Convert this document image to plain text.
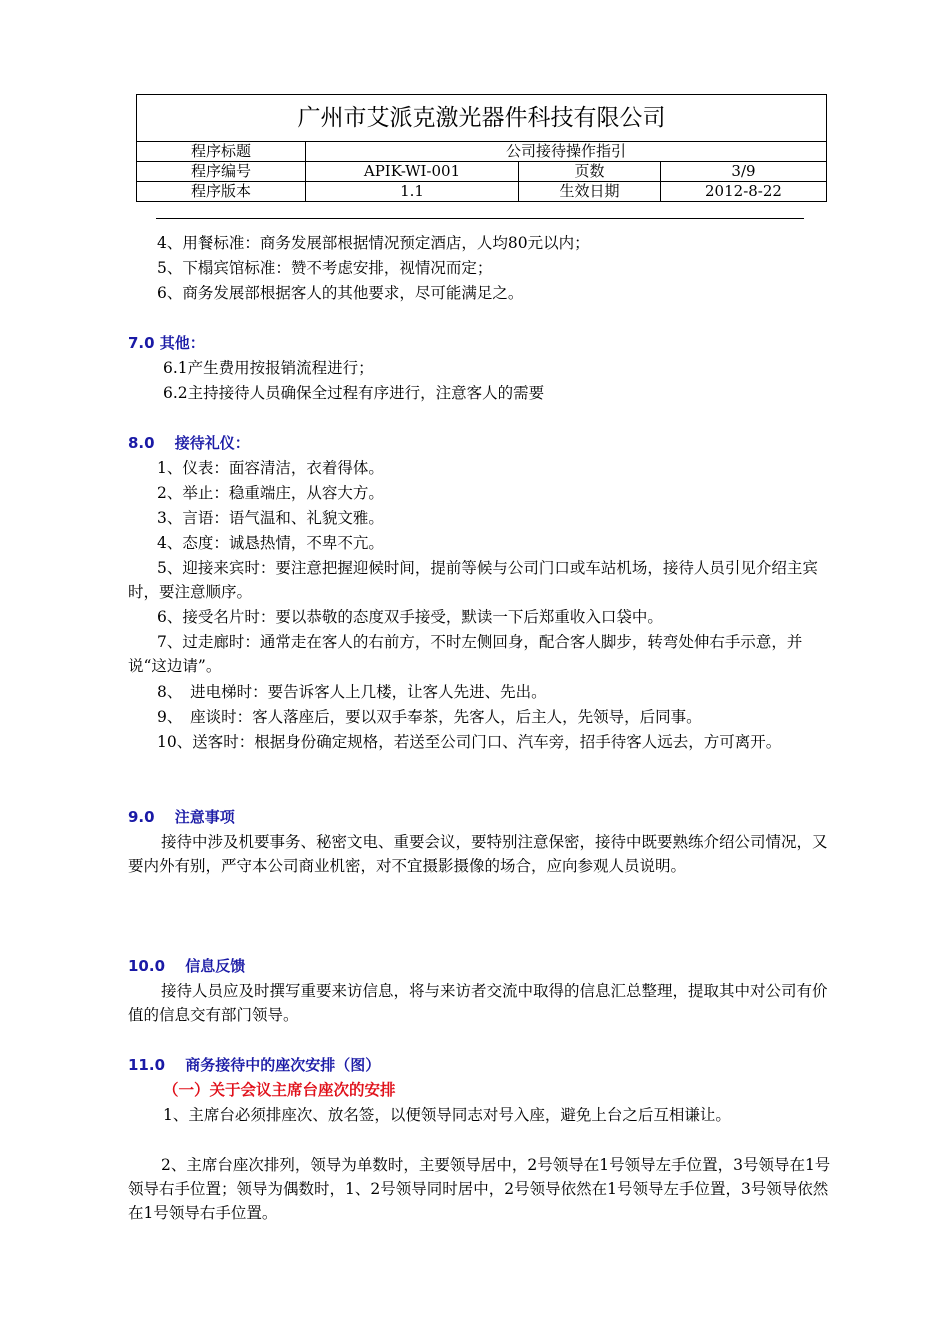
广州市艾派克激光器件科技有限公司			
程序标题	公司接待操作指引		
程序编号	APIK-WI-001	页数	3/9
程序版本	1.1	生效日期	2012-8-22

4、用餐标准：商务发展部根据情况预定酒店，人均80元以内；

5、下榻宾馆标准：赞不考虑安排，视情况而定；

6、商务发展部根据客人的其他要求，尽可能满足之。

7.0 其他：

6.1产生费用按报销流程进行；

6.2主持接待人员确保全过程有序进行，注意客人的需要

8.0　 接待礼仪：

1、仪表：面容清洁，衣着得体。

2、举止：稳重端庄，从容大方。

3、言语：语气温和、礼貌文雅。

4、态度：诚恳热情，不卑不亢。

5、迎接来宾时：要注意把握迎候时间，提前等候与公司门口或车站机场，接待人员引见介绍主宾时，要注意顺序。

6、接受名片时：要以恭敬的态度双手接受，默读一下后郑重收入口袋中。

7、过走廊时：通常走在客人的右前方，不时左侧回身，配合客人脚步，转弯处伸右手示意，并说“这边请”。

8、　进电梯时：要告诉客人上几楼，让客人先进、先出。

9、　座谈时：客人落座后，要以双手奉茶，先客人，后主人，先领导，后同事。

10、送客时：根据身份确定规格，若送至公司门口、汽车旁，招手待客人远去，方可离开。

9.0　 注意事项

接待中涉及机要事务、秘密文电、重要会议，要特别注意保密，接待中既要熟练介绍公司情况，又要内外有别，严守本公司商业机密，对不宜摄影摄像的场合，应向参观人员说明。

10.0　 信息反馈

接待人员应及时撰写重要来访信息，将与来访者交流中取得的信息汇总整理，提取其中对公司有价值的信息交有部门领导。

11.0　 商务接待中的座次安排（图）
（一）关于会议主席台座次的安排

1、主席台必须排座次、放名签，以便领导同志对号入座，避免上台之后互相谦让。

2、主席台座次排列，领导为单数时，主要领导居中，2号领导在1号领导左手位置，3号领导在1号领导右手位置；领导为偶数时，1、2号领导同时居中，2号领导依然在1号领导左手位置，3号领导依然在1号领导右手位置。
